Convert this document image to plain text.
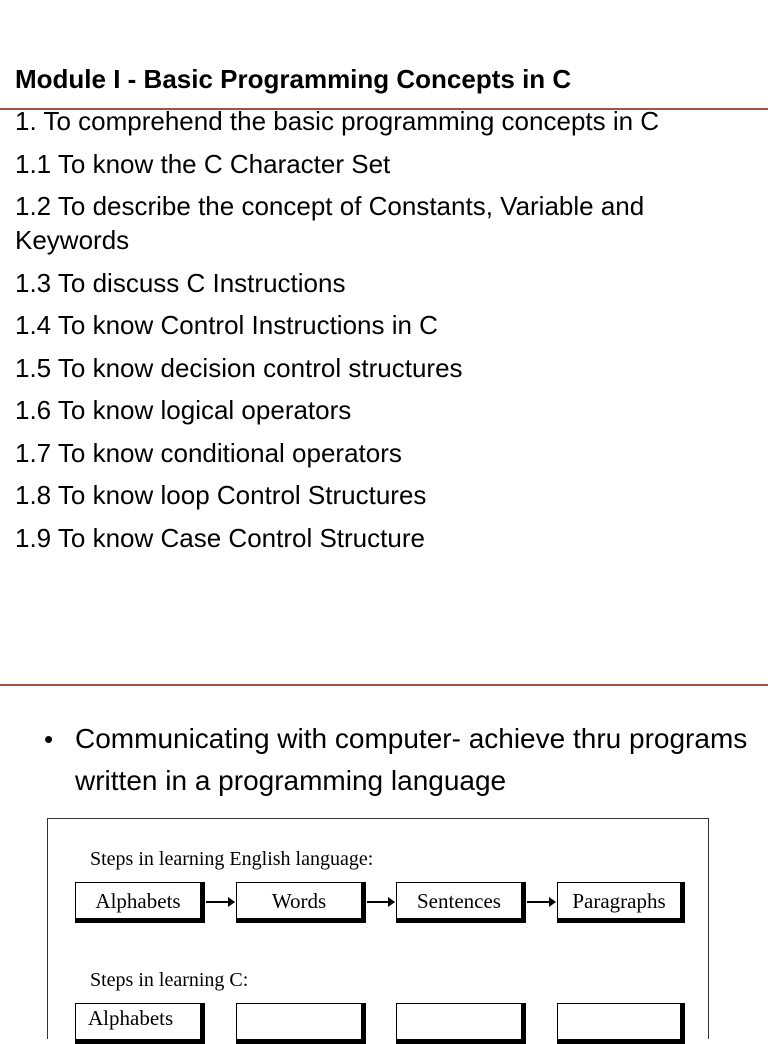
Module I - Basic Programming Concepts in C
1. To comprehend the basic programming concepts in C
1.1 To know the C Character Set
1.2 To describe the concept of Constants, Variable and Keywords
1.3 To discuss C Instructions
1.4 To know Control Instructions in C
1.5 To know decision control structures
1.6 To know logical operators
1.7 To know conditional operators
1.8 To know loop Control Structures
1.9 To know Case Control Structure
• Communicating with computer- achieve thru programs written in a programming language
Steps in learning English language:
Alphabets	Words	Sentences	Paragraphs
Steps in learning C:
Alphabets
